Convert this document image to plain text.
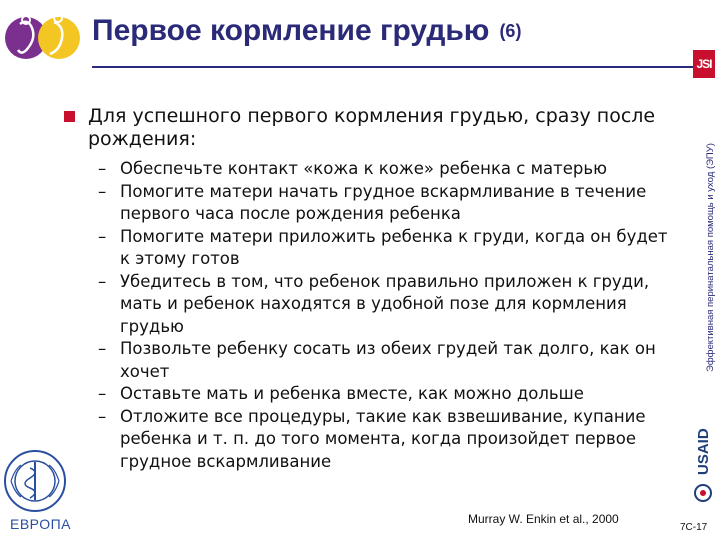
Первое кормление грудью (6)
JSI
Эффективная перинатальная помощь и уход (ЭПУ)
Для успешного первого кормления грудью, сразу после рождения:
– Обеспечьте контакт «кожа к коже» ребенка с матерью
– Помогите матери начать грудное вскармливание в течение первого часа после рождения ребенка
– Помогите матери приложить ребенка к груди, когда он будет к этому готов
– Убедитесь в том, что ребенок правильно приложен к груди, мать и ребенок находятся в удобной позе для кормления грудью
– Позвольте ребенку сосать из обеих грудей так долго, как он хочет
– Оставьте мать и ребенка вместе, как можно дольше
– Отложите все процедуры, такие как взвешивание, купание ребенка и т. п. до того момента, когда произойдет первое грудное вскармливание
ЕВРОПА
USAID
Murray W. Enkin et al., 2000
7C-17
